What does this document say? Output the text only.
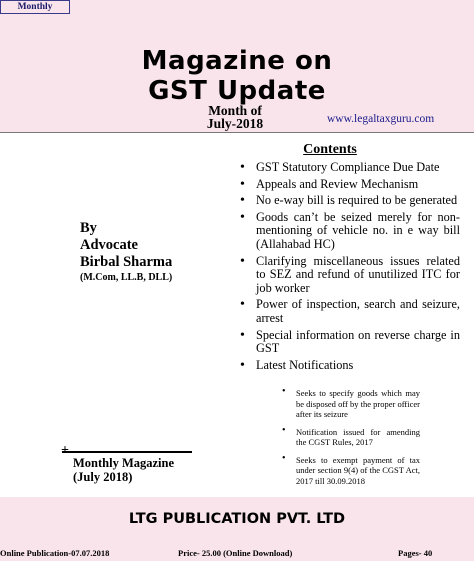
Monthly
Magazine on
GST Update
Month of
July-2018	www.legaltaxguru.com
By
Advocate
Birbal Sharma
(M.Com, LL.B, DLL)
Monthly Magazine
(July 2018)
Contents
• GST Statutory Compliance Due Date
• Appeals and Review Mechanism
• No e-way bill is required to be generated
• Goods can’t be seized merely for non- mentioning of vehicle no. in e way bill (Allahabad HC)
• Clarifying miscellaneous issues related to SEZ and refund of unutilized ITC for job worker
• Power of inspection, search and seizure, arrest
• Special information on reverse charge in GST
• Latest Notifications
• Seeks to specify goods which may be disposed off by the proper officer after its seizure
• Notification issued for amending the CGST Rules, 2017
• Seeks to exempt payment of tax under section 9(4) of the CGST Act, 2017 till 30.09.2018
LTG PUBLICATION PVT. LTD
Online Publication-07.07.2018	Price- 25.00 (Online Download)	Pages- 40
